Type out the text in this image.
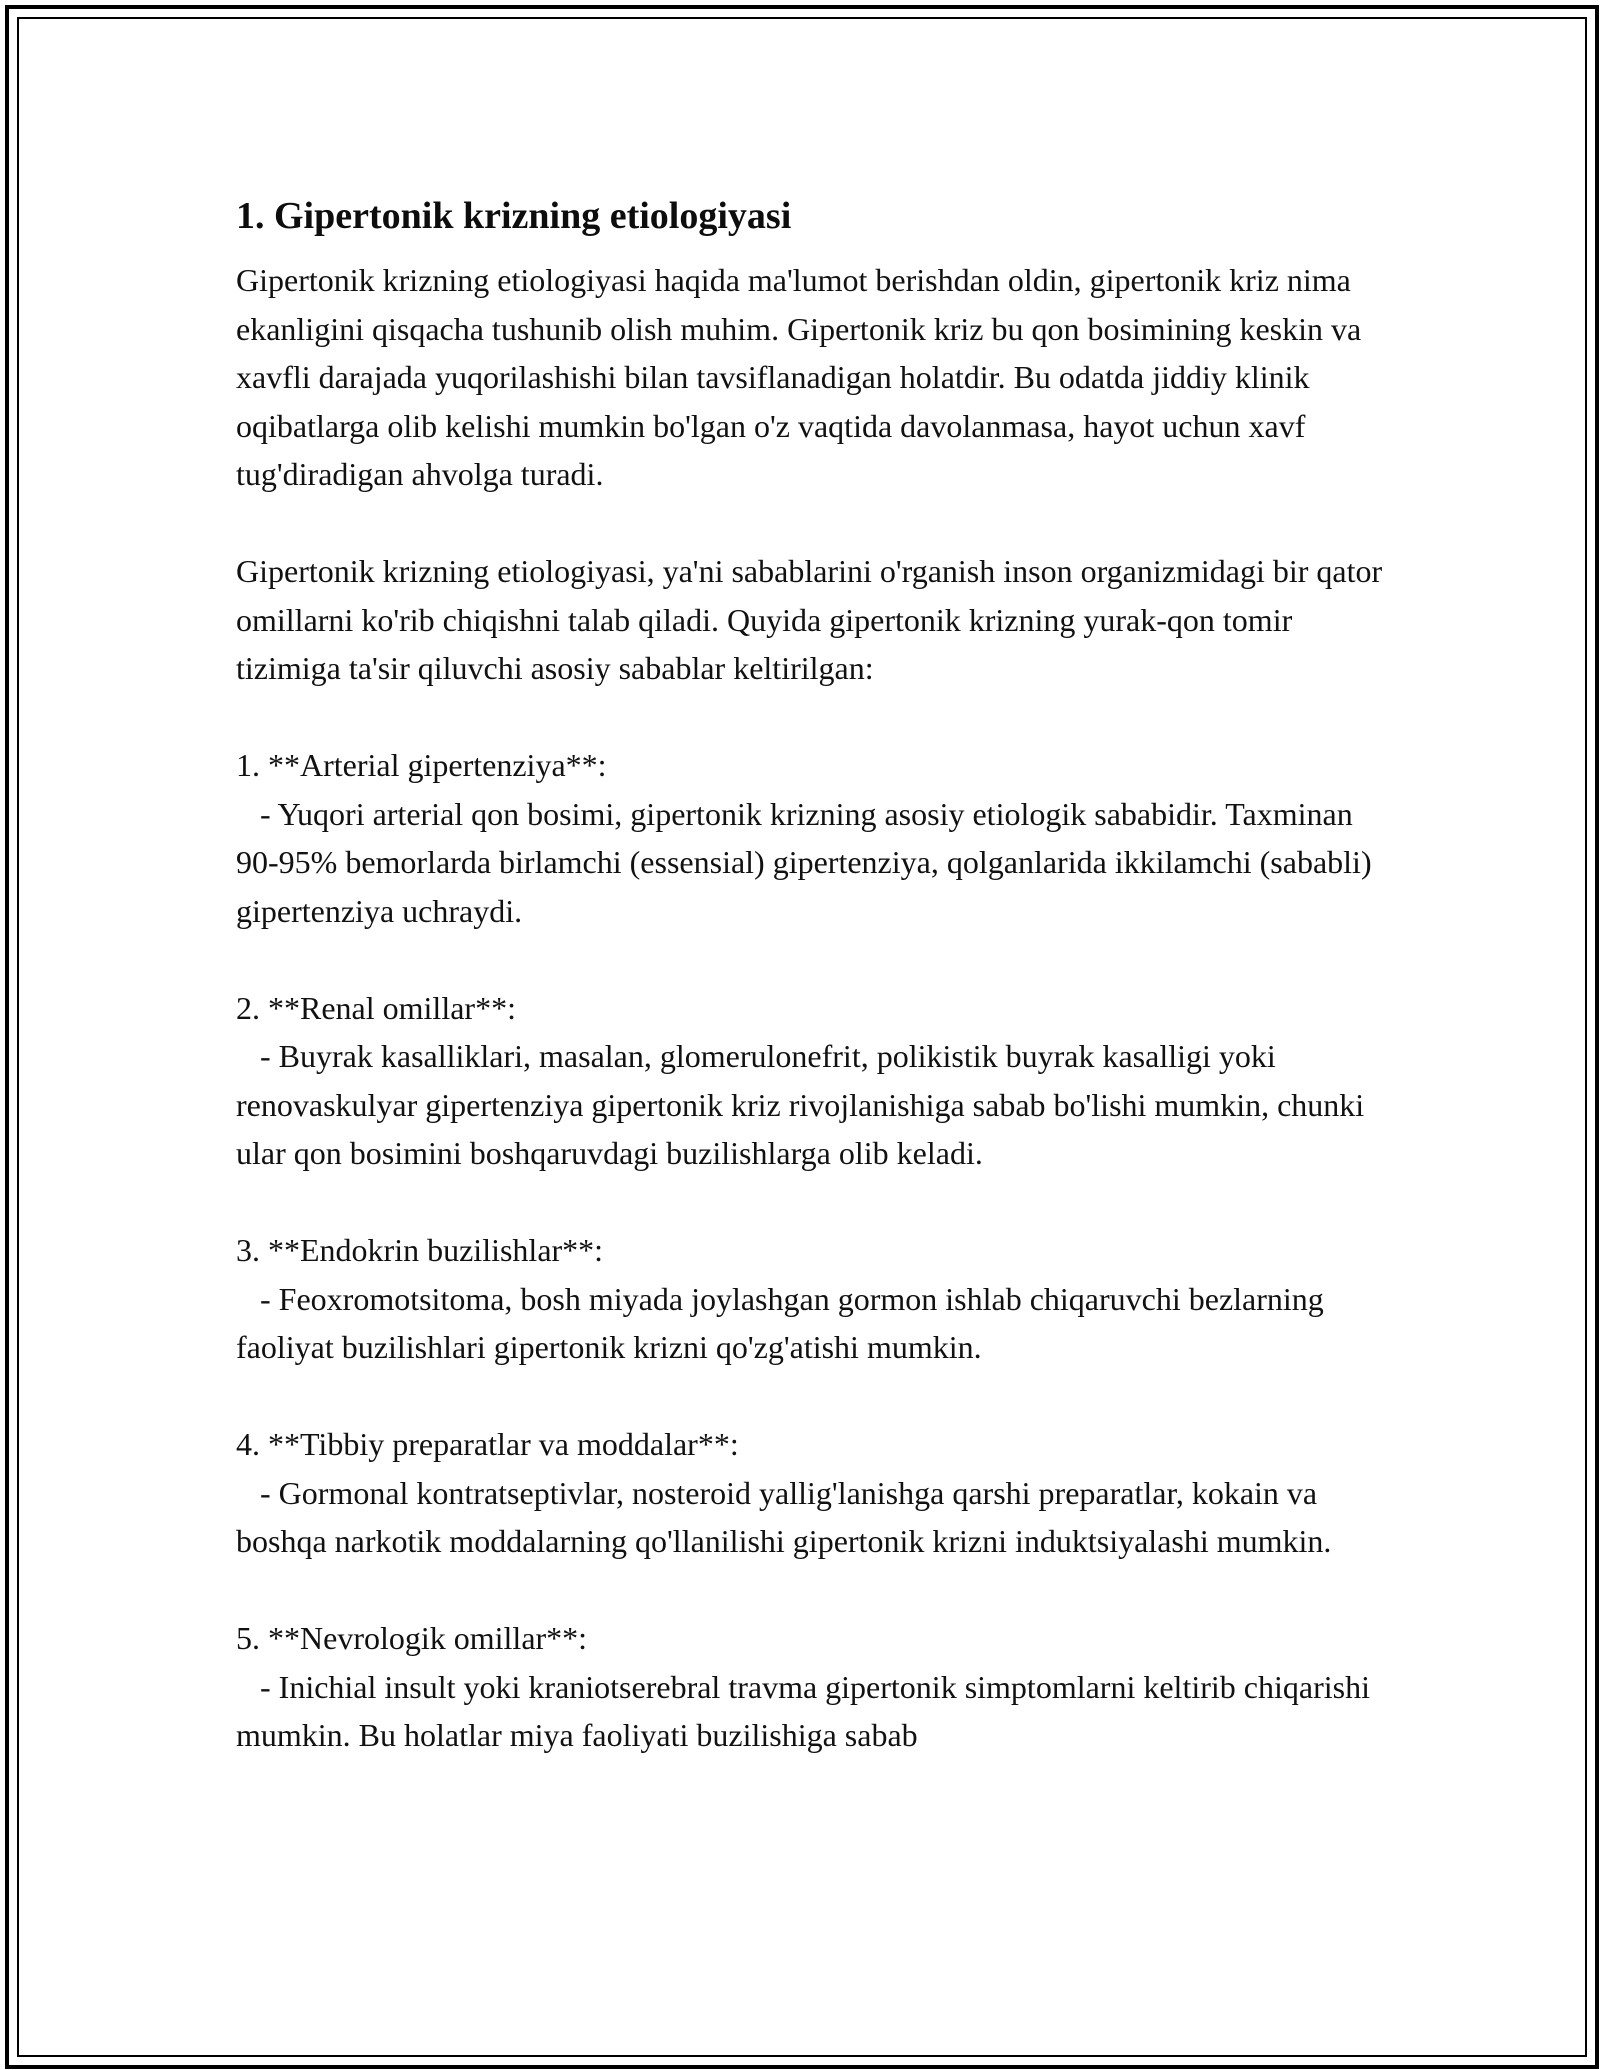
1. Gipertonik krizning etiologiyasi

Gipertonik krizning etiologiyasi haqida ma'lumot berishdan oldin, gipertonik kriz nima ekanligini qisqacha tushunib olish muhim. Gipertonik kriz bu qon bosimining keskin va xavfli darajada yuqorilashishi bilan tavsiflanadigan holatdir. Bu odatda jiddiy klinik oqibatlarga olib kelishi mumkin bo'lgan o'z vaqtida davolanmasa, hayot uchun xavf tug'diradigan ahvolga turadi.

Gipertonik krizning etiologiyasi, ya'ni sabablarini o'rganish inson organizmidagi bir qator omillarni ko'rib chiqishni talab qiladi. Quyida gipertonik krizning yurak-qon tomir tizimiga ta'sir qiluvchi asosiy sabablar keltirilgan:

1. **Arterial gipertenziya**:

- Yuqori arterial qon bosimi, gipertonik krizning asosiy etiologik sababidir. Taxminan 90-95% bemorlarda birlamchi (essensial) gipertenziya, qolganlarida ikkilamchi (sababli) gipertenziya uchraydi.

2. **Renal omillar**:

- Buyrak kasalliklari, masalan, glomerulonefrit, polikistik buyrak kasalligi yoki renovaskulyar gipertenziya gipertonik kriz rivojlanishiga sabab bo'lishi mumkin, chunki ular qon bosimini boshqaruvdagi buzilishlarga olib keladi.

3. **Endokrin buzilishlar**:

- Feoxromotsitoma, bosh miyada joylashgan gormon ishlab chiqaruvchi bezlarning faoliyat buzilishlari gipertonik krizni qo'zg'atishi mumkin.

4. **Tibbiy preparatlar va moddalar**:

- Gormonal kontratseptivlar, nosteroid yallig'lanishga qarshi preparatlar, kokain va boshqa narkotik moddalarning qo'llanilishi gipertonik krizni induktsiyalashi mumkin.

5. **Nevrologik omillar**:

- Inichial insult yoki kraniotserebral travma gipertonik simptomlarni keltirib chiqarishi mumkin. Bu holatlar miya faoliyati buzilishiga sabab
